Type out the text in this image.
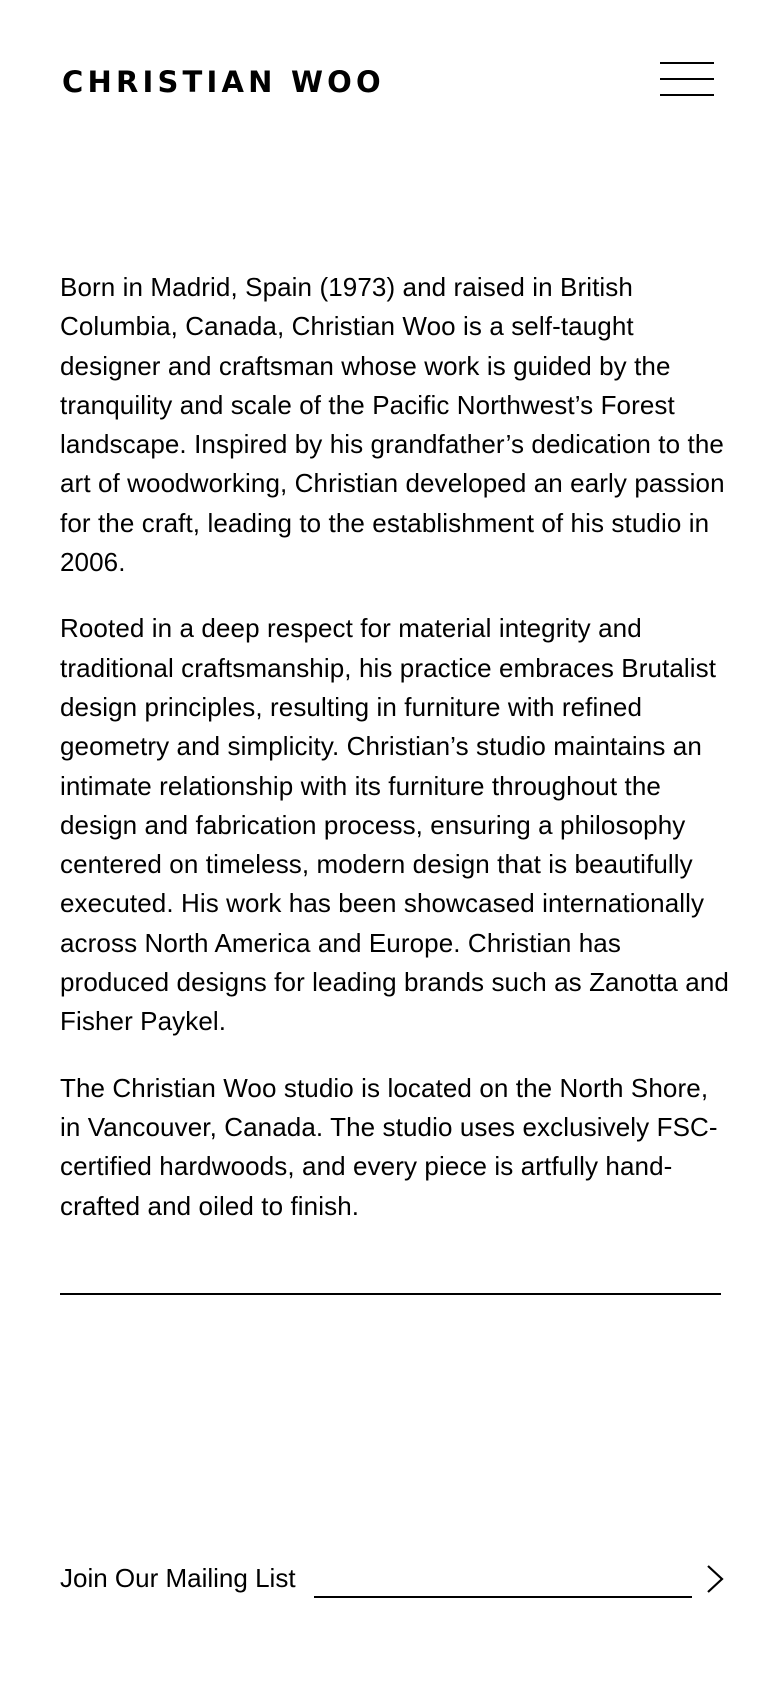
CHRISTIAN WOO

Born in Madrid, Spain (1973) and raised in British Columbia, Canada, Christian Woo is a self-taught designer and craftsman whose work is guided by the tranquility and scale of the Pacific Northwest’s Forest landscape. Inspired by his grandfather’s dedication to the art of woodworking, Christian developed an early passion for the craft, leading to the establishment of his studio in 2006.

Rooted in a deep respect for material integrity and traditional craftsmanship, his practice embraces Brutalist design principles, resulting in furniture with refined geometry and simplicity. Christian’s studio maintains an intimate relationship with its furniture throughout the design and fabrication process, ensuring a philosophy centered on timeless, modern design that is beautifully executed. His work has been showcased internationally across North America and Europe. Christian has produced designs for leading brands such as Zanotta and Fisher Paykel.

The Christian Woo studio is located on the North Shore, in Vancouver, Canada. The studio uses exclusively FSC-certified hardwoods, and every piece is artfully hand-crafted and oiled to finish.

Join Our Mailing List
